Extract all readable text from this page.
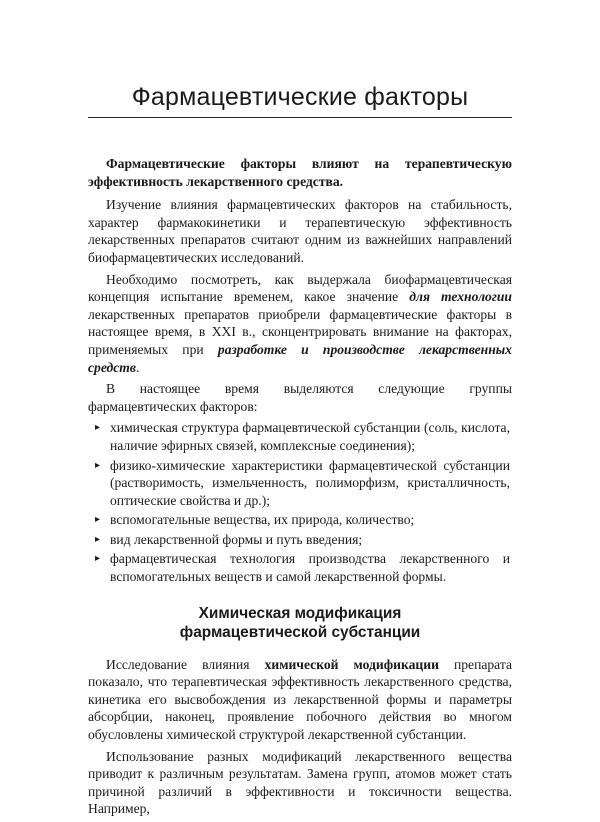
Фармацевтические факторы

Фармацевтические факторы влияют на терапевтическую эффективность лекарственного средства.

Изучение влияния фармацевтических факторов на стабильность, характер фармакокинетики и терапевтическую эффективность лекарственных препаратов считают одним из важнейших направлений биофармацевтических исследований.

Необходимо посмотреть, как выдержала биофармацевтическая концепция испытание временем, какое значение для технологии лекарственных препаратов приобрели фармацевтические факторы в настоящее время, в XXI в., сконцентрировать внимание на факторах, применяемых при разработке и производстве лекарственных средств.

В настоящее время выделяются следующие группы фармацевтических факторов:

▸ химическая структура фармацевтической субстанции (соль, кислота, наличие эфирных связей, комплексные соединения);
▸ физико-химические характеристики фармацевтической субстанции (растворимость, измельченность, полиморфизм, кристалличность, оптические свойства и др.);
▸ вспомогательные вещества, их природа, количество;
▸ вид лекарственной формы и путь введения;
▸ фармацевтическая технология производства лекарственного и вспомогательных веществ и самой лекарственной формы.
Химическая модификация
фармацевтической субстанции

Исследование влияния химической модификации препарата показало, что терапевтическая эффективность лекарственного средства, кинетика его высвобождения из лекарственной формы и параметры абсорбции, наконец, проявление побочного действия во многом обусловлены химической структурой лекарственной субстанции.

Использование разных модификаций лекарственного вещества приводит к различным результатам. Замена групп, атомов может стать причиной различий в эффективности и токсичности вещества. Например,
